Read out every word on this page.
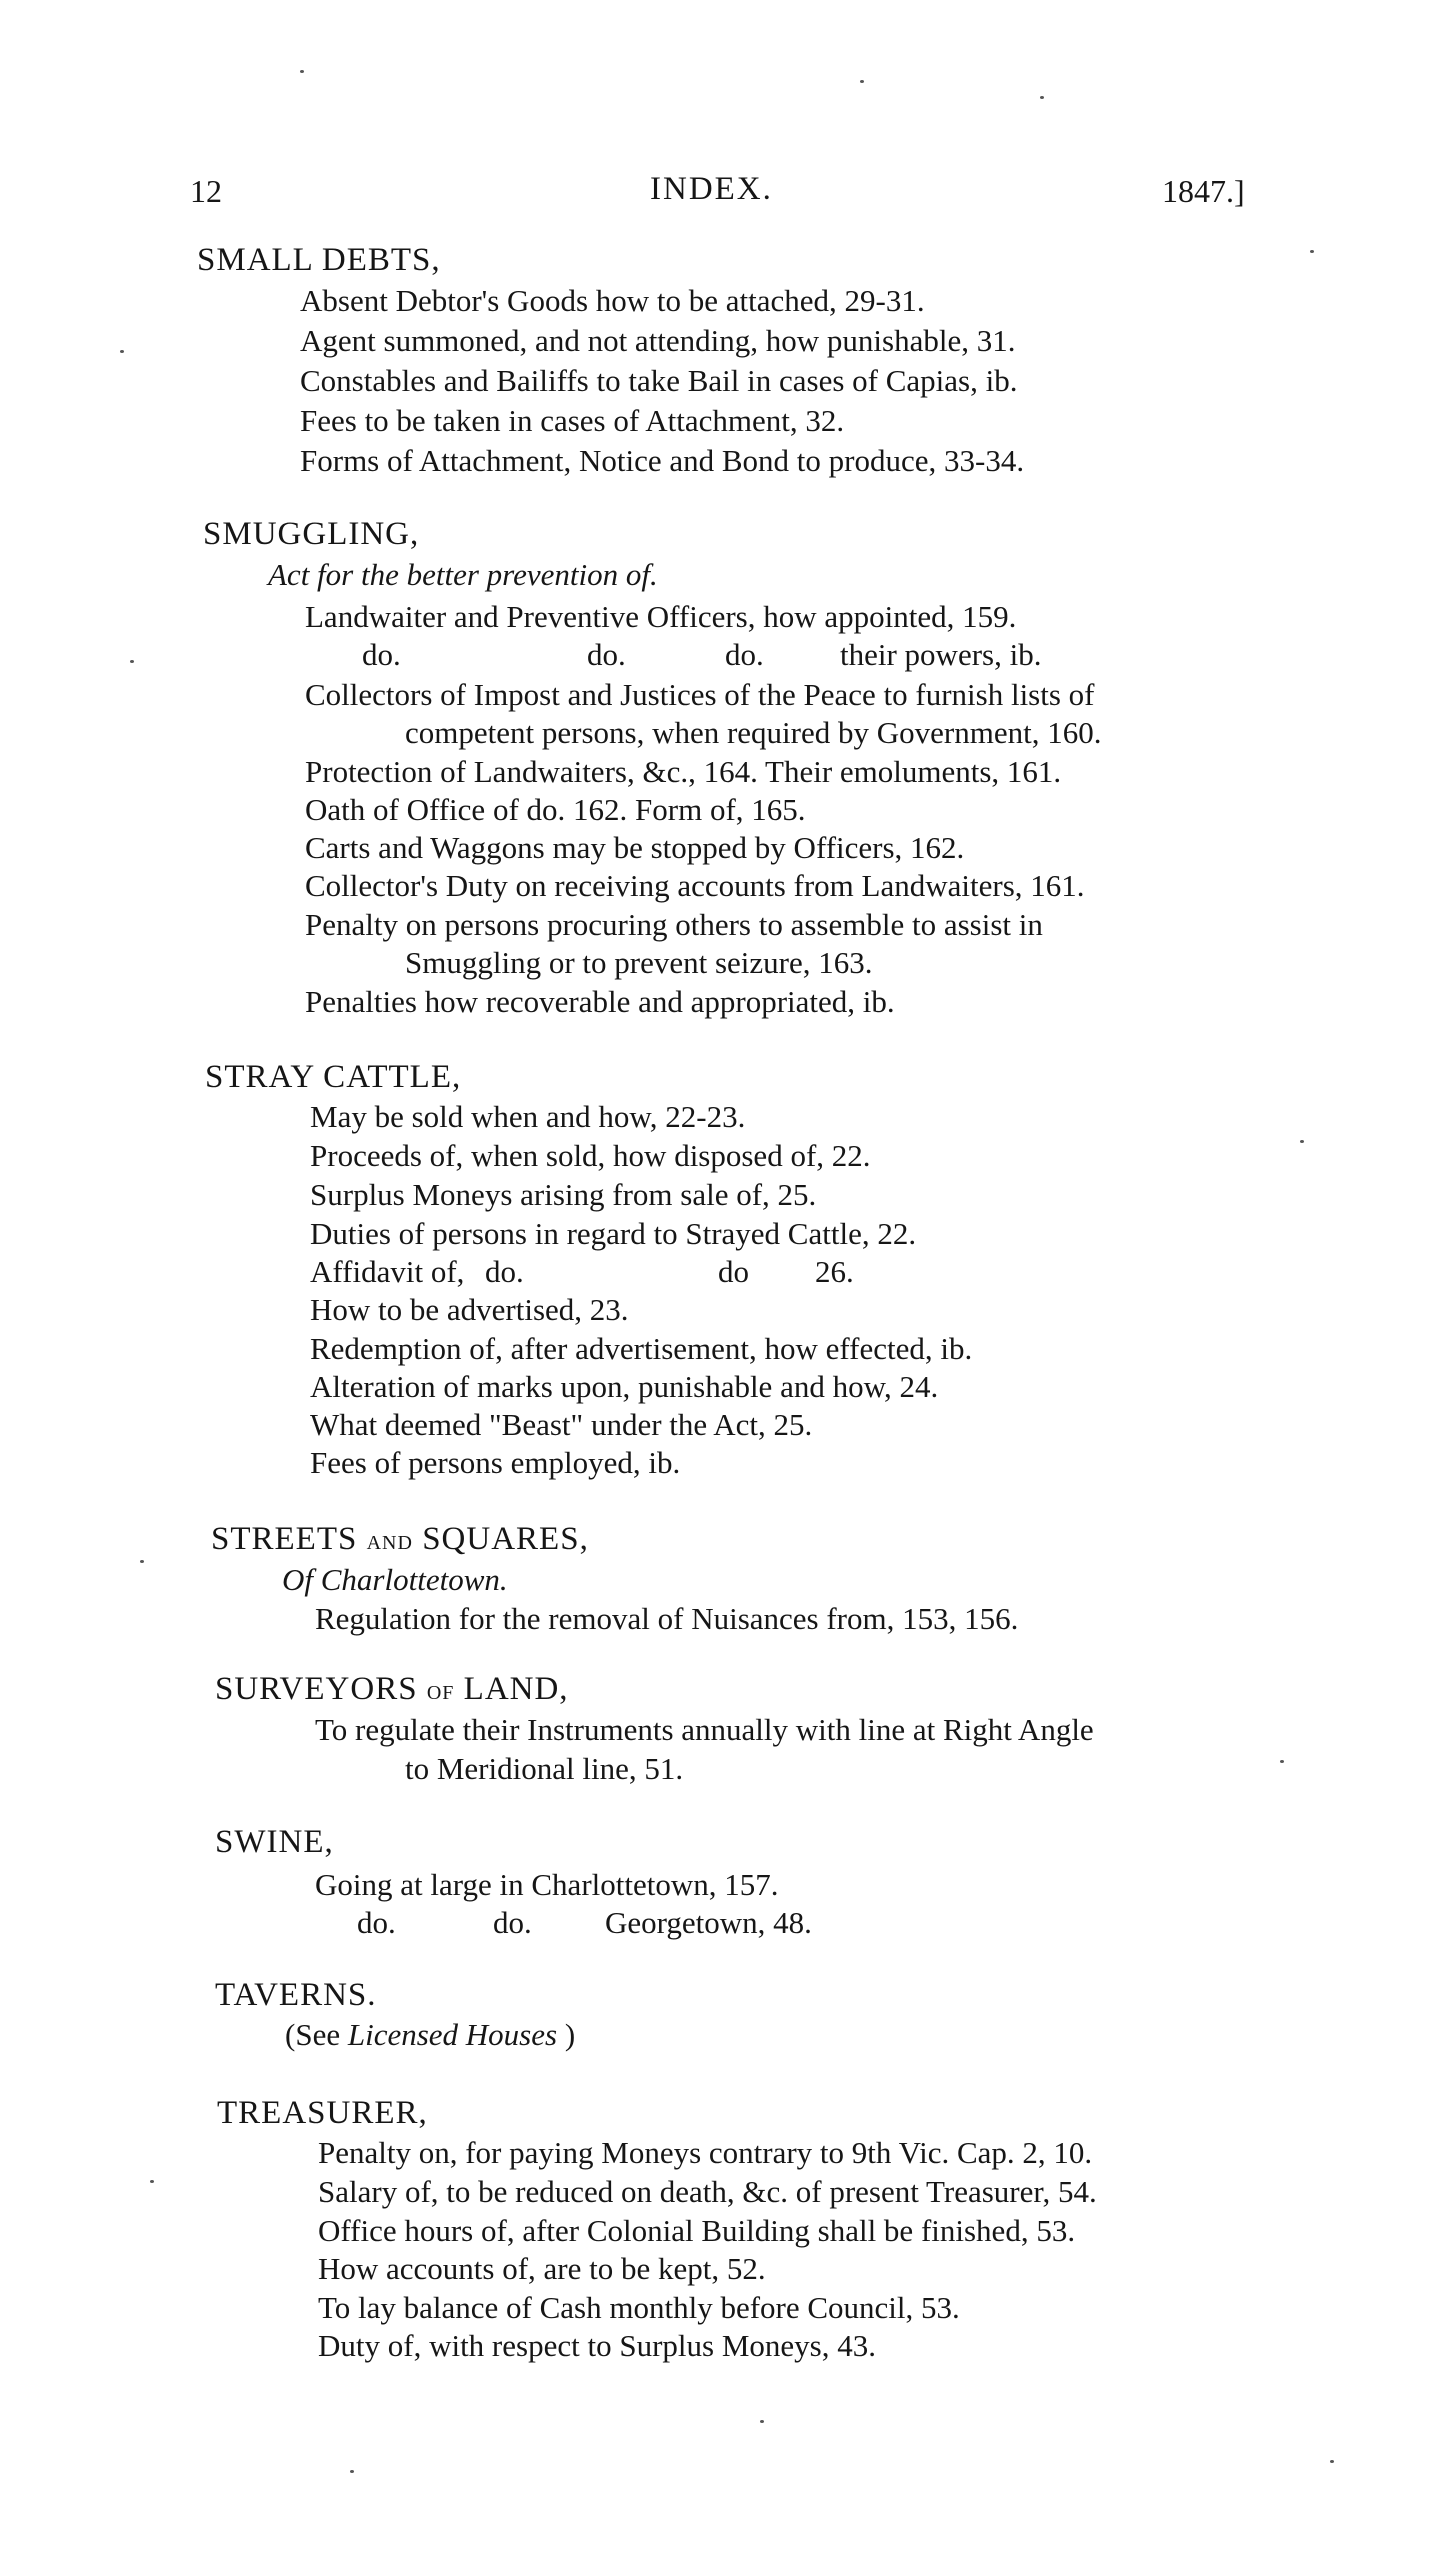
12	INDEX.	1847.]
SMALL DEBTS,
Absent Debtor's Goods how to be attached, 29-31.
Agent summoned, and not attending, how punishable, 31.
Constables and Bailiffs to take Bail in cases of Capias, ib.
Fees to be taken in cases of Attachment, 32.
Forms of Attachment, Notice and Bond to produce, 33-34.
SMUGGLING,
Act for the better prevention of.
Landwaiter and Preventive Officers, how appointed, 159.
do.	do.	do. their powers, ib.
Collectors of Impost and Justices of the Peace to furnish lists of
competent persons, when required by Government, 160.
Protection of Landwaiters, &c., 164. Their emoluments, 161.
Oath of Office of do. 162. Form of, 165.
Carts and Waggons may be stopped by Officers, 162.
Collector's Duty on receiving accounts from Landwaiters, 161.
Penalty on persons procuring others to assemble to assist in
Smuggling or to prevent seizure, 163.
Penalties how recoverable and appropriated, ib.
STRAY CATTLE,
May be sold when and how, 22-23.
Proceeds of, when sold, how disposed of, 22.
Surplus Moneys arising from sale of, 25.
Duties of persons in regard to Strayed Cattle, 22.
Affidavit of, do.	do 26.
How to be advertised, 23.
Redemption of, after advertisement, how effected, ib.
Alteration of marks upon, punishable and how, 24.
What deemed "Beast" under the Act, 25.
Fees of persons employed, ib.
STREETS AND SQUARES,
Of Charlottetown.
Regulation for the removal of Nuisances from, 153, 156.
SURVEYORS OF LAND,
To regulate their Instruments annually with line at Right Angle
to Meridional line, 51.
SWINE,
Going at large in Charlottetown, 157.
do.	do. Georgetown, 48.
TAVERNS.
(See Licensed Houses )
TREASURER,
Penalty on, for paying Moneys contrary to 9th Vic. Cap. 2, 10.
Salary of, to be reduced on death, &c. of present Treasurer, 54.
Office hours of, after Colonial Building shall be finished, 53.
How accounts of, are to be kept, 52.
To lay balance of Cash monthly before Council, 53.
Duty of, with respect to Surplus Moneys, 43.
